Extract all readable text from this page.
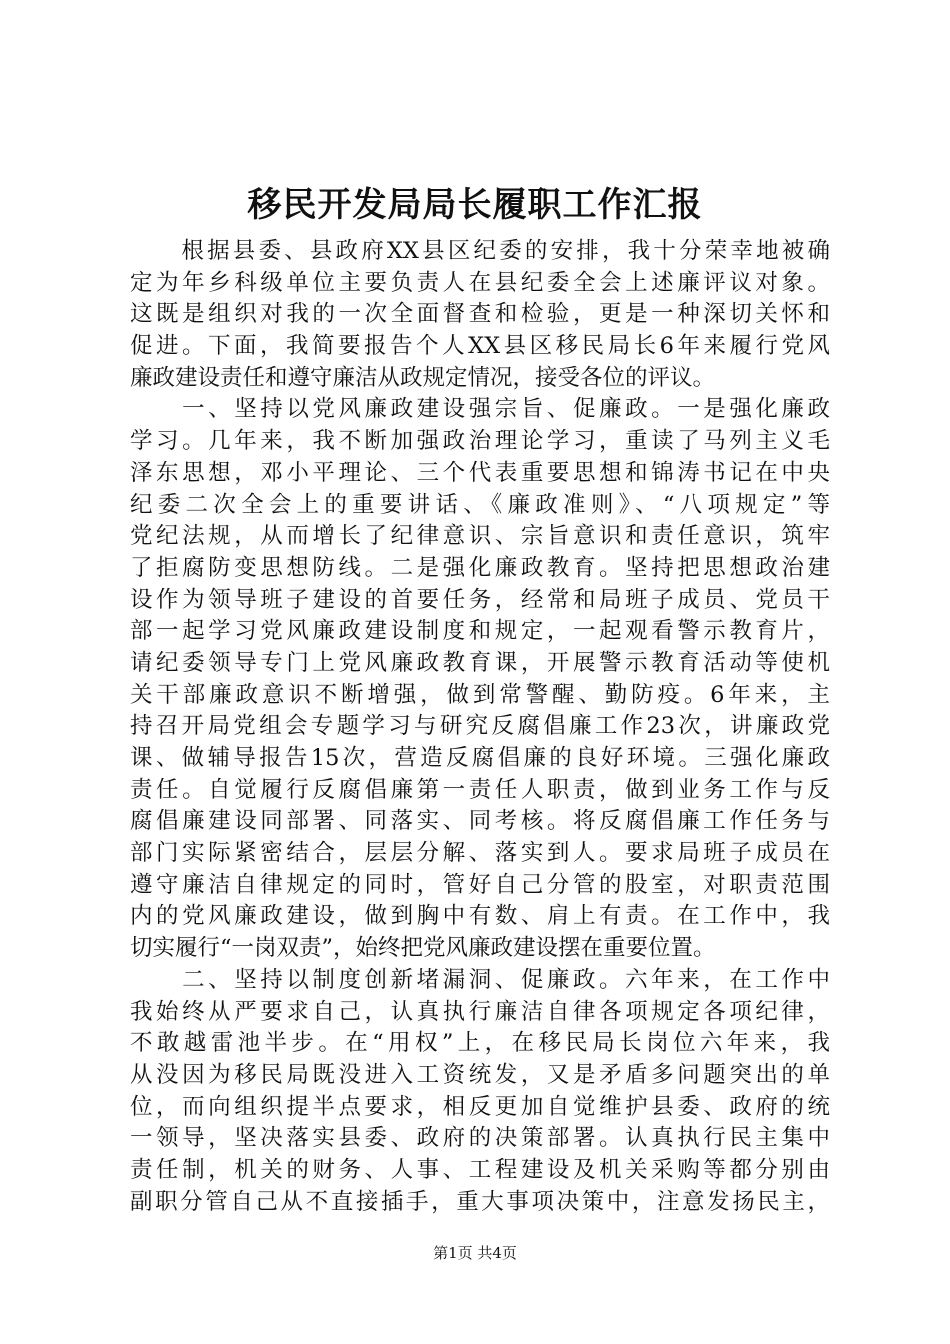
移民开发局局长履职工作汇报
　　根据县委、县政府XX县区纪委的安排，我十分荣幸地被确
定为年乡科级单位主要负责人在县纪委全会上述廉评议对象。
这既是组织对我的一次全面督查和检验，更是一种深切关怀和
促进。下面，我简要报告个人XX县区移民局长6年来履行党风
廉政建设责任和遵守廉洁从政规定情况，接受各位的评议。
　　一、坚持以党风廉政建设强宗旨、促廉政。一是强化廉政
学习。几年来，我不断加强政治理论学习，重读了马列主义毛
泽东思想，邓小平理论、三个代表重要思想和锦涛书记在中央
纪委二次全会上的重要讲话、《廉政准则》、“八项规定”等
党纪法规，从而增长了纪律意识、宗旨意识和责任意识，筑牢
了拒腐防变思想防线。二是强化廉政教育。坚持把思想政治建
设作为领导班子建设的首要任务，经常和局班子成员、党员干
部一起学习党风廉政建设制度和规定，一起观看警示教育片，
请纪委领导专门上党风廉政教育课，开展警示教育活动等使机
关干部廉政意识不断增强，做到常警醒、勤防疫。6年来，主
持召开局党组会专题学习与研究反腐倡廉工作23次，讲廉政党
课、做辅导报告15次，营造反腐倡廉的良好环境。三强化廉政
责任。自觉履行反腐倡廉第一责任人职责，做到业务工作与反
腐倡廉建设同部署、同落实、同考核。将反腐倡廉工作任务与
部门实际紧密结合，层层分解、落实到人。要求局班子成员在
遵守廉洁自律规定的同时，管好自己分管的股室，对职责范围
内的党风廉政建设，做到胸中有数、肩上有责。在工作中，我
切实履行“一岗双责”，始终把党风廉政建设摆在重要位置。
　　二、坚持以制度创新堵漏洞、促廉政。六年来，在工作中
我始终从严要求自己，认真执行廉洁自律各项规定各项纪律，
不敢越雷池半步。在“用权”上，在移民局长岗位六年来，我
从没因为移民局既没进入工资统发，又是矛盾多问题突出的单
位，而向组织提半点要求，相反更加自觉维护县委、政府的统
一领导，坚决落实县委、政府的决策部署。认真执行民主集中
责任制，机关的财务、人事、工程建设及机关采购等都分别由
副职分管自己从不直接插手，重大事项决策中，注意发扬民主，
第1页 共4页
